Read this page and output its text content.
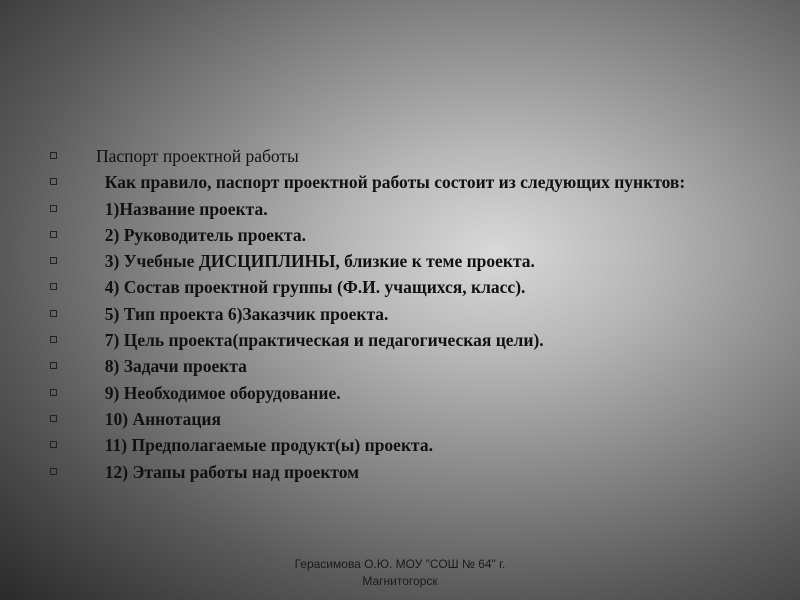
Паспорт проектной работы
Как правило, паспорт проектной работы состоит из следующих пунктов:
1)Название проекта.
2) Руководитель проекта.
3) Учебные ДИСЦИПЛИНЫ, близкие к теме проекта.
4) Состав проектной группы (Ф.И. учащихся, класс).
5) Тип проекта 6)Заказчик проекта.
7) Цель проекта(практическая и педагогическая цели).
8) Задачи проекта
9) Необходимое оборудование.
10) Аннотация
11) Предполагаемые продукт(ы) проекта.
12) Этапы работы над проектом
Герасимова О.Ю. МОУ "СОШ № 64" г.
Магнитогорск
